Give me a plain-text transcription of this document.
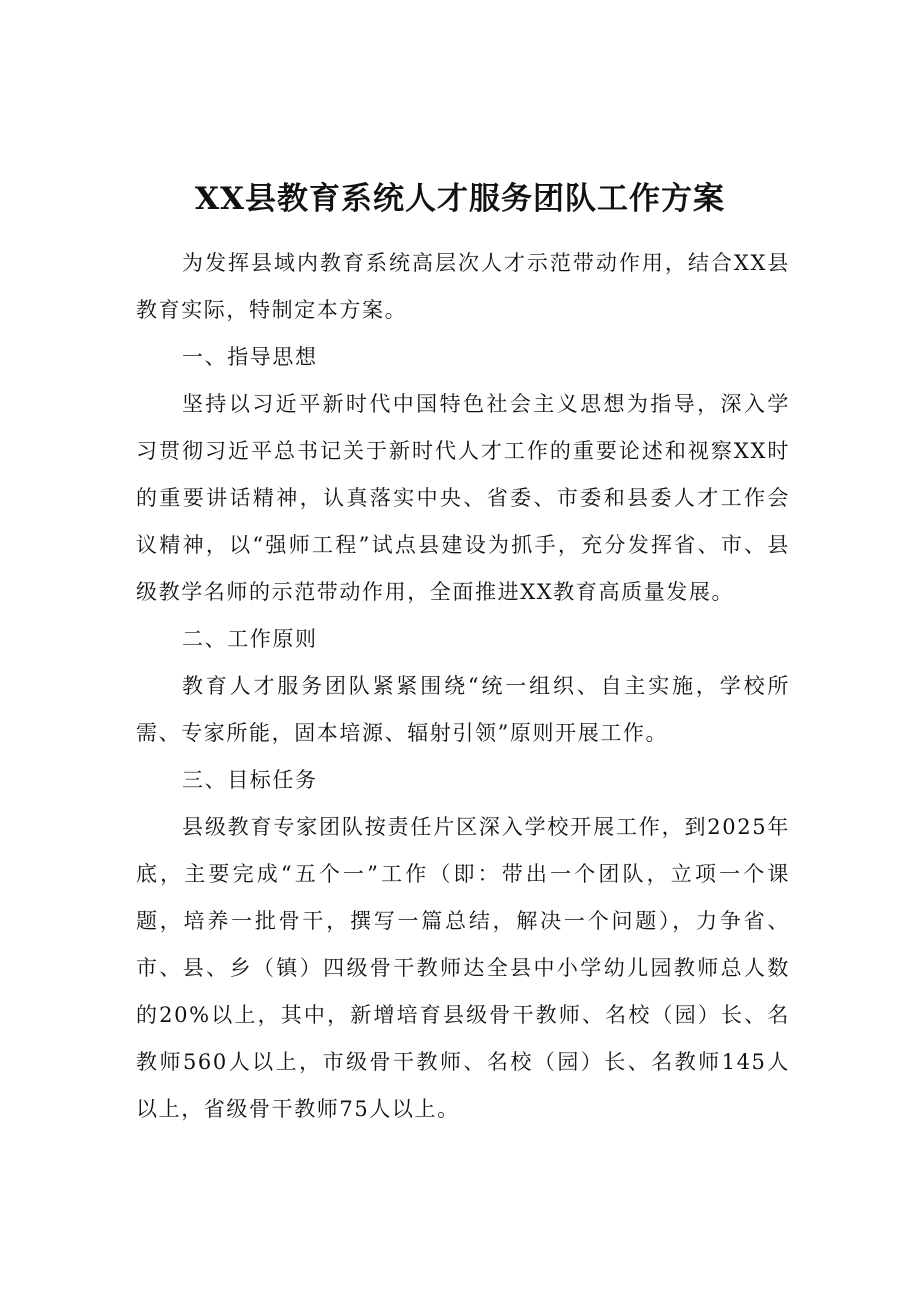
XX县教育系统人才服务团队工作方案

为发挥县域内教育系统高层次人才示范带动作用，结合XX县教育实际，特制定本方案。

一、指导思想

坚持以习近平新时代中国特色社会主义思想为指导，深入学习贯彻习近平总书记关于新时代人才工作的重要论述和视察XX时的重要讲话精神，认真落实中央、省委、市委和县委人才工作会议精神，以“强师工程”试点县建设为抓手，充分发挥省、市、县级教学名师的示范带动作用，全面推进XX教育高质量发展。

二、工作原则

教育人才服务团队紧紧围绕“统一组织、自主实施，学校所需、专家所能，固本培源、辐射引领”原则开展工作。

三、目标任务

县级教育专家团队按责任片区深入学校开展工作，到2025年底，主要完成“五个一”工作（即：带出一个团队，立项一个课题，培养一批骨干，撰写一篇总结，解决一个问题），力争省、市、县、乡（镇）四级骨干教师达全县中小学幼儿园教师总人数的20%以上，其中，新增培育县级骨干教师、名校（园）长、名教师560人以上，市级骨干教师、名校（园）长、名教师145人以上，省级骨干教师75人以上。
